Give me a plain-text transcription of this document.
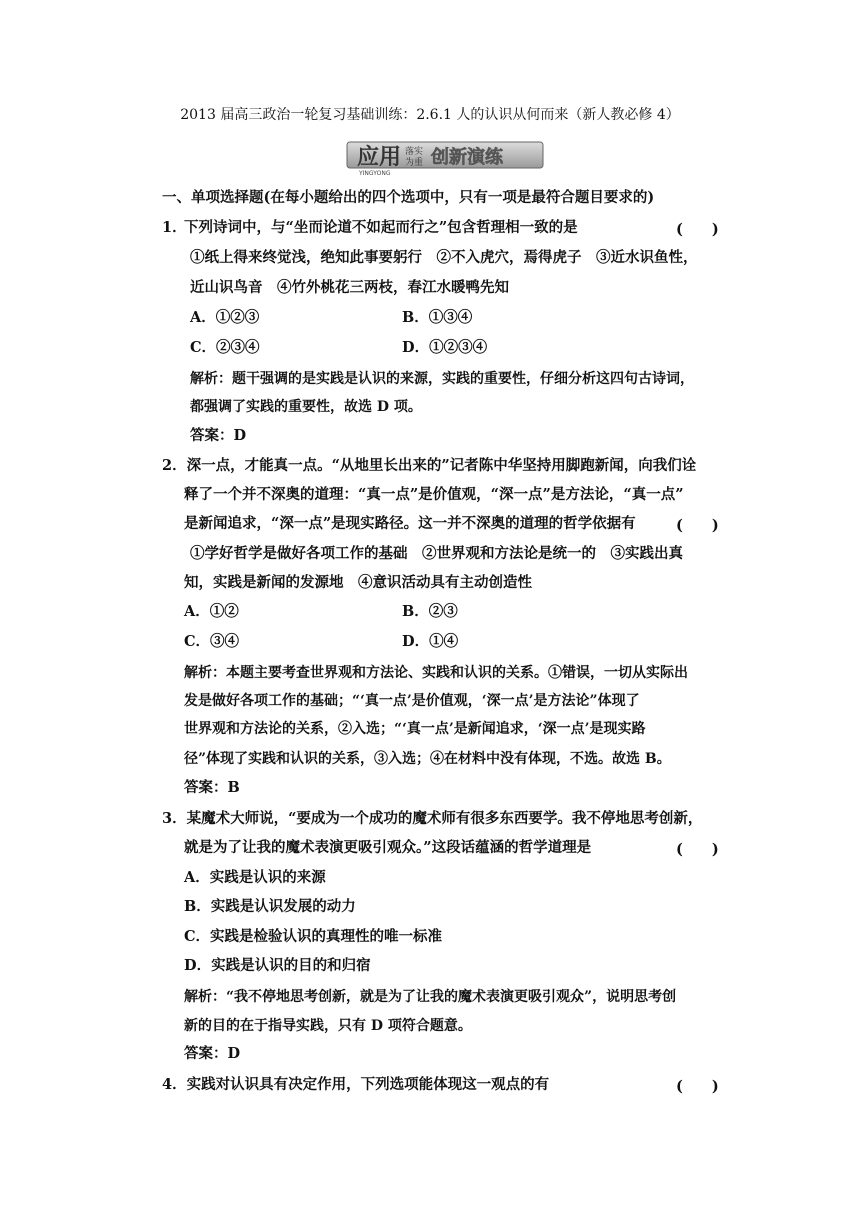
2013 届高三政治一轮复习基础训练：2.6.1 人的认识从何而来（新人教必修 4）
应用 落实
为重 创新演练
YINGYONG
一、单项选择题(在每小题给出的四个选项中，只有一项是最符合题目要求的)
1．
下列诗词中，与“坐而论道不如起而行之”包含哲理相一致的是	(　　)
①纸上得来终觉浅，绝知此事要躬行　②不入虎穴，焉得虎子　③近水识鱼性，
近山识鸟音　④竹外桃花三两枝，春江水暖鸭先知
A．①②③	B．①③④
C．②③④	D．①②③④
解析：题干强调的是实践是认识的来源，实践的重要性，仔细分析这四句古诗词，
都强调了实践的重要性，故选 D 项。
答案：D
2．深一点，才能真一点。“从地里长出来的”记者陈中华坚持用脚跑新闻，向我们诠
释了一个并不深奥的道理：“真一点”是价值观，“深一点”是方法论，“真一点”
是新闻追求，“深一点”是现实路径。这一并不深奥的道理的哲学依据有	(　　)
①学好哲学是做好各项工作的基础　②世界观和方法论是统一的　③实践出真
知，实践是新闻的发源地　④意识活动具有主动创造性
A．①②	B．②③
C．③④	D．①④
解析：本题主要考查世界观和方法论、实践和认识的关系。①错误，一切从实际出
发是做好各项工作的基础；“‘真一点’是价值观，‘深一点’是方法论”体现了
世界观和方法论的关系，②入选；“‘真一点’是新闻追求，‘深一点’是现实路
径”体现了实践和认识的关系，③入选；④在材料中没有体现，不选。故选 B。
答案：B
3．某魔术大师说，“要成为一个成功的魔术师有很多东西要学。我不停地思考创新，
就是为了让我的魔术表演更吸引观众。”这段话蕴涵的哲学道理是	(　　)
A．实践是认识的来源
B．实践是认识发展的动力
C．实践是检验认识的真理性的唯一标准
D．实践是认识的目的和归宿
解析：“我不停地思考创新，就是为了让我的魔术表演更吸引观众”，说明思考创
新的目的在于指导实践，只有 D 项符合题意。
答案：D
4．实践对认识具有决定作用，下列选项能体现这一观点的有	(　　)
